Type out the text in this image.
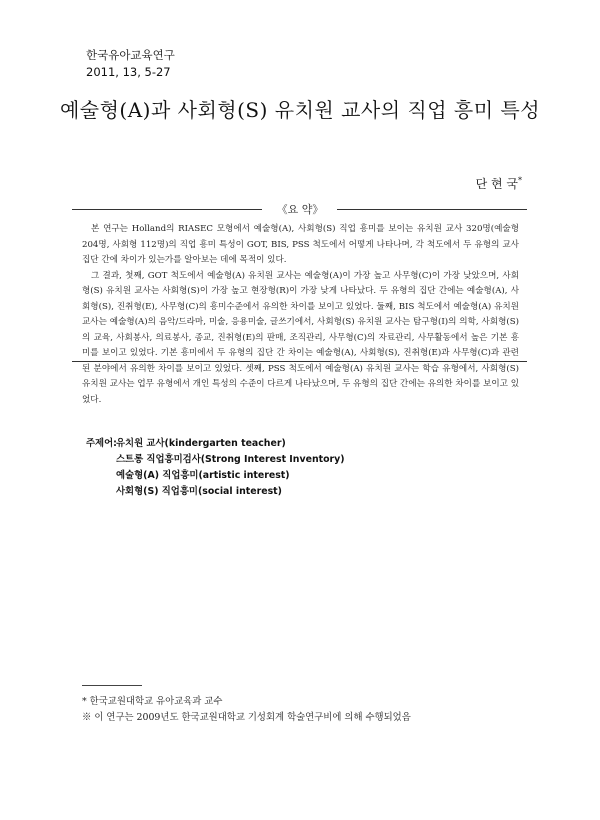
한국유아교육연구
2011, 13, 5-27
예술형(A)과 사회형(S) 유치원 교사의 직업 흥미 특성
단 현 국*
《요 약》

본 연구는 Holland의 RIASEC 모형에서 예술형(A), 사회형(S) 직업 흥미를 보이는 유치원 교사 320명(예술형 204명, 사회형 112명)의 직업 흥미 특성이 GOT, BIS, PSS 척도에서 어떻게 나타나며, 각 척도에서 두 유형의 교사 집단 간에 차이가 있는가를 알아보는 데에 목적이 있다.

그 결과, 첫째, GOT 척도에서 예술형(A) 유치원 교사는 예술형(A)이 가장 높고 사무형(C)이 가장 낮았으며, 사회형(S) 유치원 교사는 사회형(S)이 가장 높고 현장형(R)이 가장 낮게 나타났다. 두 유형의 집단 간에는 예술형(A), 사회형(S), 진취형(E), 사무형(C)의 흥미수준에서 유의한 차이를 보이고 있었다. 둘째, BIS 척도에서 예술형(A) 유치원 교사는 예술형(A)의 음악/드라마, 미술, 응용미술, 글쓰기에서, 사회형(S) 유치원 교사는 탐구형(I)의 의학, 사회형(S)의 교육, 사회봉사, 의료봉사, 종교, 진취형(E)의 판매, 조직관리, 사무형(C)의 자료관리, 사무활동에서 높은 기본 흥미를 보이고 있었다. 기본 흥미에서 두 유형의 집단 간 차이는 예술형(A), 사회형(S), 진취형(E)과 사무형(C)과 관련된 분야에서 유의한 차이를 보이고 있었다. 셋째, PSS 척도에서 예술형(A) 유치원 교사는 학습 유형에서, 사회형(S) 유치원 교사는 업무 유형에서 개인 특성의 수준이 다르게 나타났으며, 두 유형의 집단 간에는 유의한 차이를 보이고 있었다.

주제어:유치원 교사(kindergarten teacher)
스트롱 직업흥미검사(Strong Interest Inventory)
예술형(A) 직업흥미(artistic interest)
사회형(S) 직업흥미(social interest)
* 한국교원대학교 유아교육과 교수
※ 이 연구는 2009년도 한국교원대학교 기성회계 학술연구비에 의해 수행되었음
